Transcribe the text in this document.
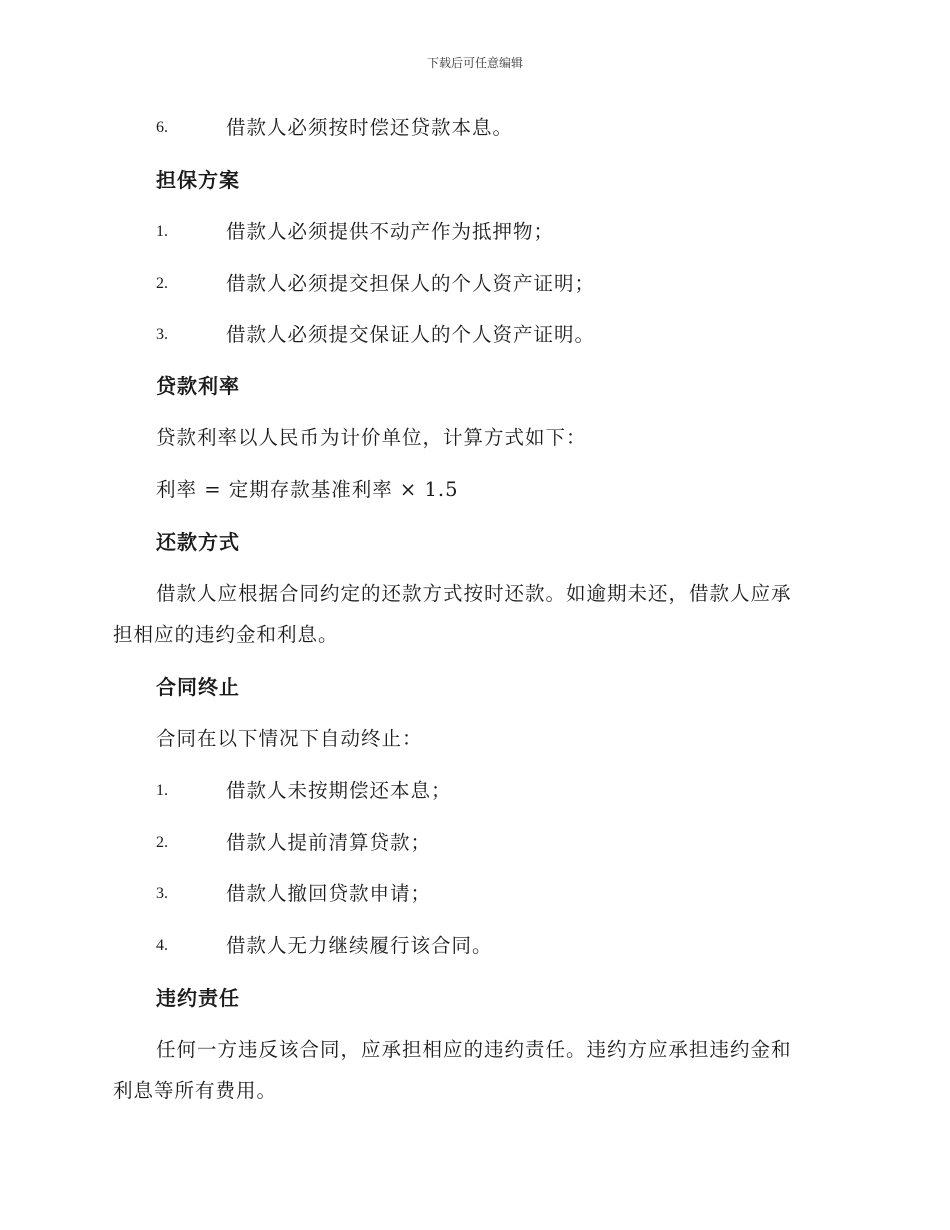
下载后可任意编辑
6.	借款人必须按时偿还贷款本息。
担保方案
1.	借款人必须提供不动产作为抵押物；
2.	借款人必须提交担保人的个人资产证明；
3.	借款人必须提交保证人的个人资产证明。
贷款利率
贷款利率以人民币为计价单位，计算方式如下：
利率 = 定期存款基准利率 × 1.5
还款方式
借款人应根据合同约定的还款方式按时还款。如逾期未还，借款人应承
担相应的违约金和利息。
合同终止
合同在以下情况下自动终止：
1.	借款人未按期偿还本息；
2.	借款人提前清算贷款；
3.	借款人撤回贷款申请；
4.	借款人无力继续履行该合同。
违约责任
任何一方违反该合同，应承担相应的违约责任。违约方应承担违约金和
利息等所有费用。
